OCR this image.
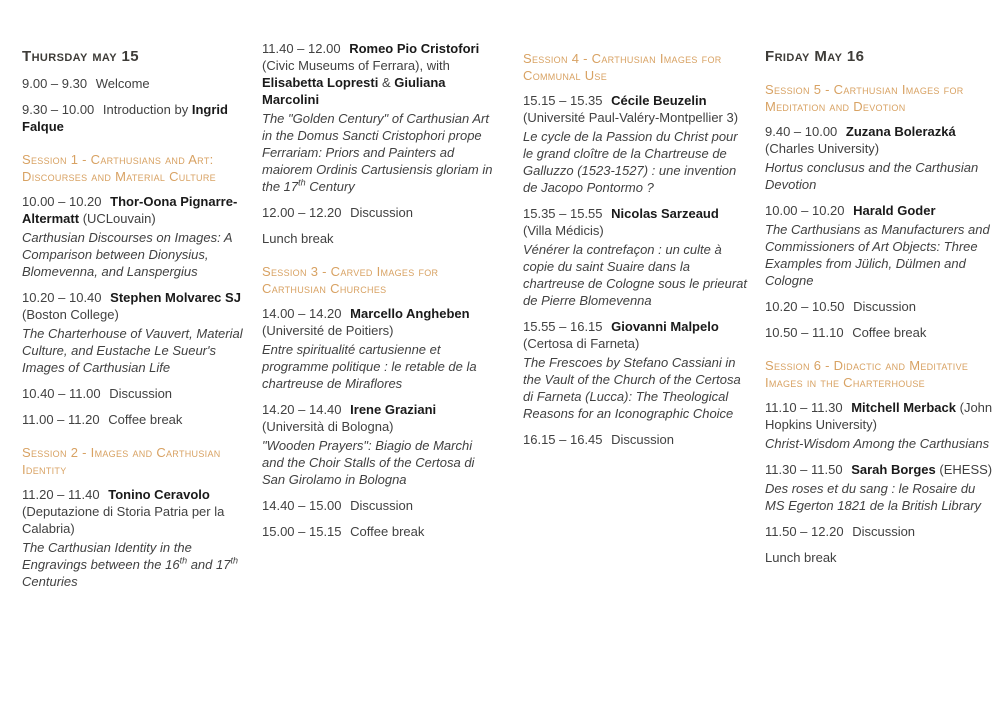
Thursday may 15

9.00 – 9.30 Welcome

9.30 – 10.00 Introduction by Ingrid Falque

Session 1 - Carthusians and Art: Discourses and Material Culture

10.00 – 10.20 Thor-Oona Pignarre-Altermatt (UCLouvain)

Carthusian Discourses on Images: A Comparison between Dionysius, Blomevenna, and Lanspergius

10.20 – 10.40 Stephen Molvarec SJ (Boston College)

The Charterhouse of Vauvert, Material Culture, and Eustache Le Sueur's Images of Carthusian Life

10.40 – 11.00 Discussion

11.00 – 11.20 Coffee break

Session 2 - Images and Carthusian Identity

11.20 – 11.40 Tonino Ceravolo (Deputazione di Storia Patria per la Calabria)

The Carthusian Identity in the Engravings between the 16th and 17th Centuries

11.40 – 12.00 Romeo Pio Cristofori (Civic Museums of Ferrara), with Elisabetta Lopresti & Giuliana Marcolini

The "Golden Century" of Carthusian Art in the Domus Sancti Cristophori prope Ferrariam: Priors and Painters ad maiorem Ordinis Cartusiensis gloriam in the 17th Century

12.00 – 12.20 Discussion

Lunch break

Session 3 - Carved Images for Carthusian Churches

14.00 – 14.20 Marcello Angheben (Université de Poitiers)

Entre spiritualité cartusienne et programme politique : le retable de la chartreuse de Miraflores

14.20 – 14.40 Irene Graziani (Università di Bologna)

"Wooden Prayers": Biagio de Marchi and the Choir Stalls of the Certosa di San Girolamo in Bologna

14.40 – 15.00 Discussion

15.00 – 15.15 Coffee break

Session 4 - Carthusian Images for Communal Use

15.15 – 15.35 Cécile Beuzelin (Université Paul-Valéry-Montpellier 3)

Le cycle de la Passion du Christ pour le grand cloître de la Chartreuse de Galluzzo (1523-1527) : une invention de Jacopo Pontormo ?

15.35 – 15.55 Nicolas Sarzeaud (Villa Médicis)

Vénérer la contrefaçon : un culte à copie du saint Suaire dans la chartreuse de Cologne sous le prieurat de Pierre Blomevenna

15.55 – 16.15 Giovanni Malpelo (Certosa di Farneta)

The Frescoes by Stefano Cassiani in the Vault of the Church of the Certosa di Farneta (Lucca): The Theological Reasons for an Iconographic Choice

16.15 – 16.45 Discussion

Friday May 16
Session 5 - Carthusian Images for Meditation and Devotion

9.40 – 10.00 Zuzana Bolerazká (Charles University)

Hortus conclusus and the Carthusian Devotion

10.00 – 10.20 Harald Goder

The Carthusians as Manufacturers and Commissioners of Art Objects: Three Examples from Jülich, Dülmen and Cologne

10.20 – 10.50 Discussion

10.50 – 11.10 Coffee break

Session 6 - Didactic and Meditative Images in the Charterhouse

11.10 – 11.30 Mitchell Merback (John Hopkins University)

Christ-Wisdom Among the Carthusians

11.30 – 11.50 Sarah Borges (EHESS)

Des roses et du sang : le Rosaire du MS Egerton 1821 de la British Library

11.50 – 12.20 Discussion

Lunch break
